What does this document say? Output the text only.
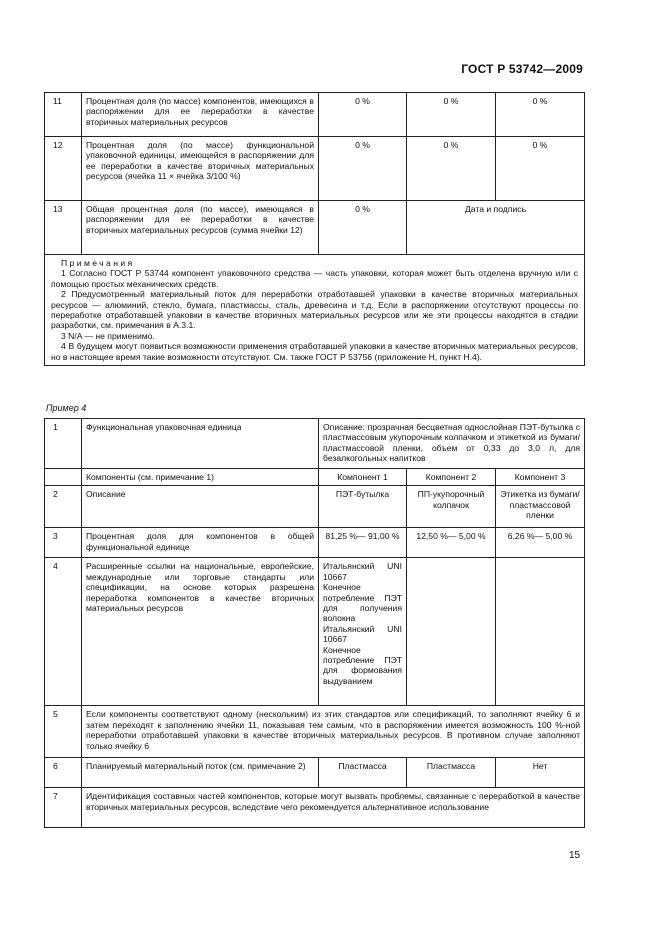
ГОСТ Р 53742—2009
11	Процентная доля (по массе) компонентов, имеющихся в распоряжении для ее переработки в качестве вторичных материальных ресурсов	0 %	0 %	0 %
12	Процентная доля (по массе) функциональной упаковочной единицы, имеющейся в распоряжении для ее переработки в качестве вторичных материальных ресурсов (ячейка 11 × ячейка 3/100 %)	0 %	0 %	0 %
13	Общая процентная доля (по массе), имеющаяся в распоряжении для ее переработки в качестве вторичных материальных ресурсов (сумма ячейки 12)	0 %	Дата и подпись	

Примечания

1 Согласно ГОСТ Р 53744 компонент упаковочного средства — часть упаковки, которая может быть отделена вручную или с помощью простых механических средств.

2 Предусмотренный материальный поток для переработки отработавшей упаковки в качестве вторичных материальных ресурсов — алюминий, стекло, бумага, пластмассы, сталь, древесина и т.д. Если в распоряжении отсутствуют процессы по переработке отработавшей упаковки в качестве вторичных материальных ресурсов или же эти процессы находятся в стадии разработки, см. примечания в А.3.1.

3 N/A — не применимо.

4 В будущем могут появиться возможности применения отработавшей упаковки в качестве вторичных материальных ресурсов, но в настоящее время такие возможности отсутствуют. См. также ГОСТ Р 53756 (приложение Н, пункт Н.4).				

Пример 4
1	Функциональная упаковочная единица	Описание: прозрачная бесцветная однослойная ПЭТ-бутылка с пластмассовым укупорочным колпачком и этикеткой из бумаги/пластмассовой пленки, объем от 0,33 до 3,0 л, для безалкогольных напитков		
	Компоненты (см. примечание 1)	Компонент 1	Компонент 2	Компонент 3
2	Описание	ПЭТ-бутылка	ПП-укупорочный колпачок	Этикетка из бумаги/пластмассовой пленки
3	Процентная доля для компонентов в общей функциональной единице	81,25 %— 91,00 %	12,50 %— 5,00 %	6,26 %— 5,00 %
4	Расширенные ссылки на национальные, европейские, международные или торговые стандарты или спецификации, на основе которых разрешена переработка компонентов в качестве вторичных материальных ресурсов	Итальянский UNI 10667
Конечное потребление ПЭТ для получения волокна
Итальянский UNI 10667
Конечное потребление ПЭТ для формования выдуванием		

5	Если компоненты соответствуют одному (нескольким) из этих стандартов или спецификаций, то заполняют ячейку 6 и затем переходят к заполнению ячейки 11, показывая тем самым, что в распоряжении имеется возможность 100 %-ной переработки отработавшей упаковки в качестве вторичных материальных ресурсов. В противном случае заполняют только ячейку 6			
6	Планируемый материальный поток (см. примечание 2)	Пластмасса	Пластмасса	Нет
7	Идентификация составных частей компонентов, которые могут вызвать проблемы, связанные с переработкой в качестве вторичных материальных ресурсов, вследствие чего рекомендуется альтернативное использование			
15
